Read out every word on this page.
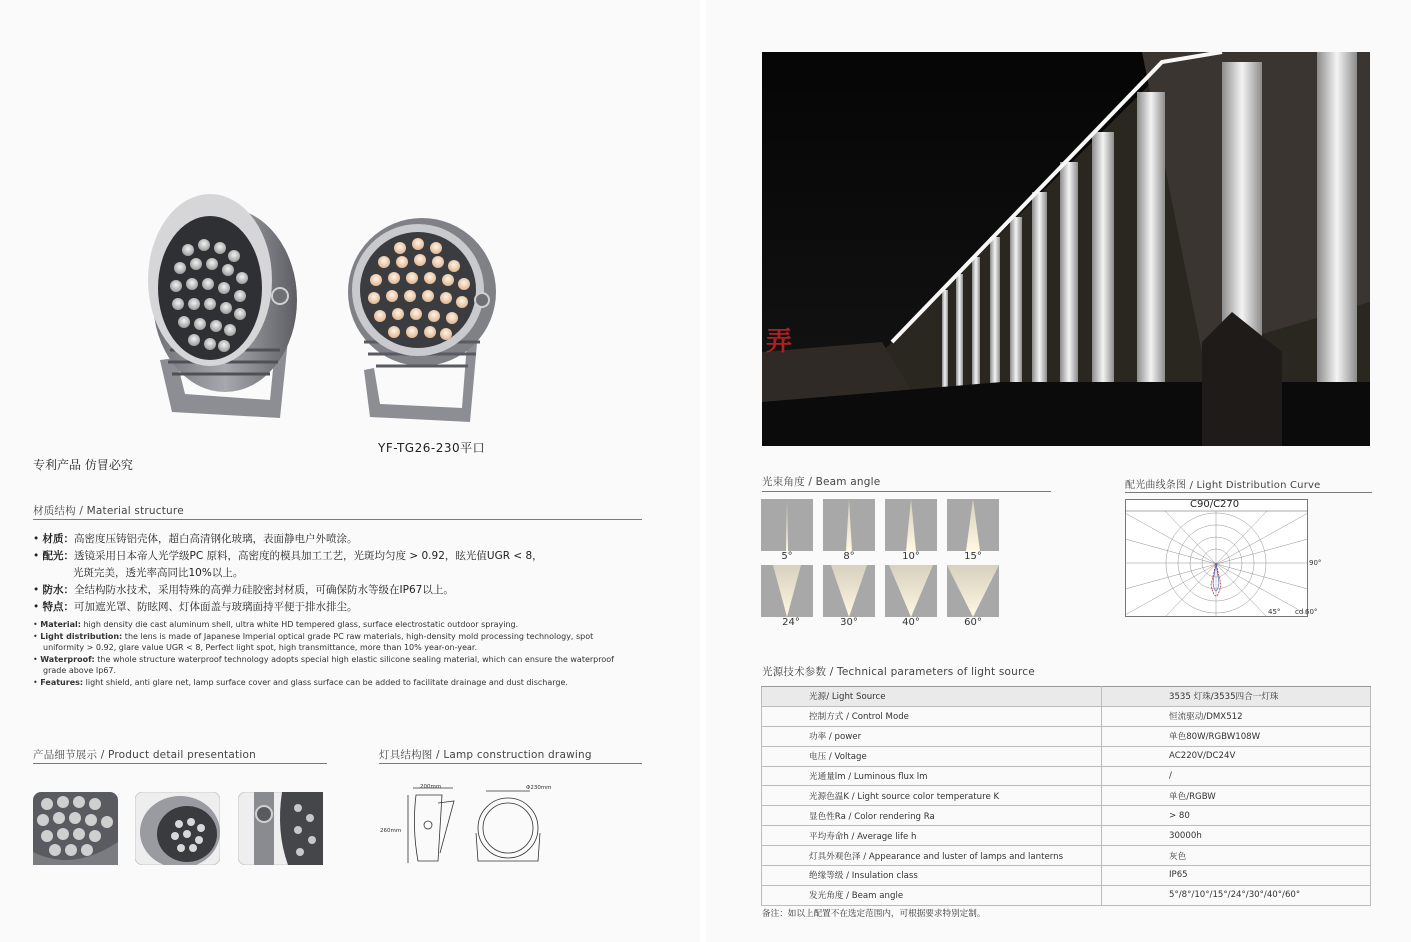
YF-TG26-230平口
专利产品 仿冒必究
材质结构 / Material structure
• 材质：高密度压铸铝壳体，超白高清钢化玻璃，表面静电户外喷涂。
• 配光：透镜采用日本帝人光学级PC 原料，高密度的模具加工工艺，光斑均匀度 > 0.92，眩光值UGR < 8，
光斑完美，透光率高同比10%以上。
• 防水：全结构防水技术，采用特殊的高弹力硅胶密封材质，可确保防水等级在IP67以上。
• 特点：可加遮光罩、防眩网、灯体面盖与玻璃面持平便于排水排尘。
• Material: high density die cast aluminum shell, ultra white HD tempered glass, surface electrostatic outdoor spraying.
• Light distribution: the lens is made of Japanese Imperial optical grade PC raw materials, high-density mold processing technology, spot
uniformity > 0.92, glare value UGR < 8, Perfect light spot, high transmittance, more than 10% year-on-year.
• Waterproof: the whole structure waterproof technology adopts special high elastic silicone sealing material, which can ensure the waterproof
grade above Ip67.
• Features: light shield, anti glare net, lamp surface cover and glass surface can be added to facilitate drainage and dust discharge.
产品细节展示 / Product detail presentation	灯具结构图 / Lamp construction drawing
200mm
260mm
Φ230mm
弄
光束角度 / Beam angle
5°	8°	10°	15°
24°	30°	40°	60°
配光曲线条图 / Light Distribution Curve
C90/C270
90°
45° cd 60°
光源技术参数 / Technical parameters of light source
光源/ Light Source	3535 灯珠/3535四合一灯珠
控制方式 / Control Mode	恒流驱动/DMX512
功率 / power	单色80W/RGBW108W
电压 / Voltage	AC220V/DC24V
光通量lm / Luminous flux lm	/
光源色温K / Light source color temperature K	单色/RGBW
显色性Ra / Color rendering Ra	> 80
平均寿命h / Average life h	30000h
灯具外观色泽 / Appearance and luster of lamps and lanterns	灰色
绝缘等级 / Insulation class	IP65
发光角度 / Beam angle	5°/8°/10°/15°/24°/30°/40°/60°
备注：如以上配置不在选定范围内，可根据要求特别定制。
